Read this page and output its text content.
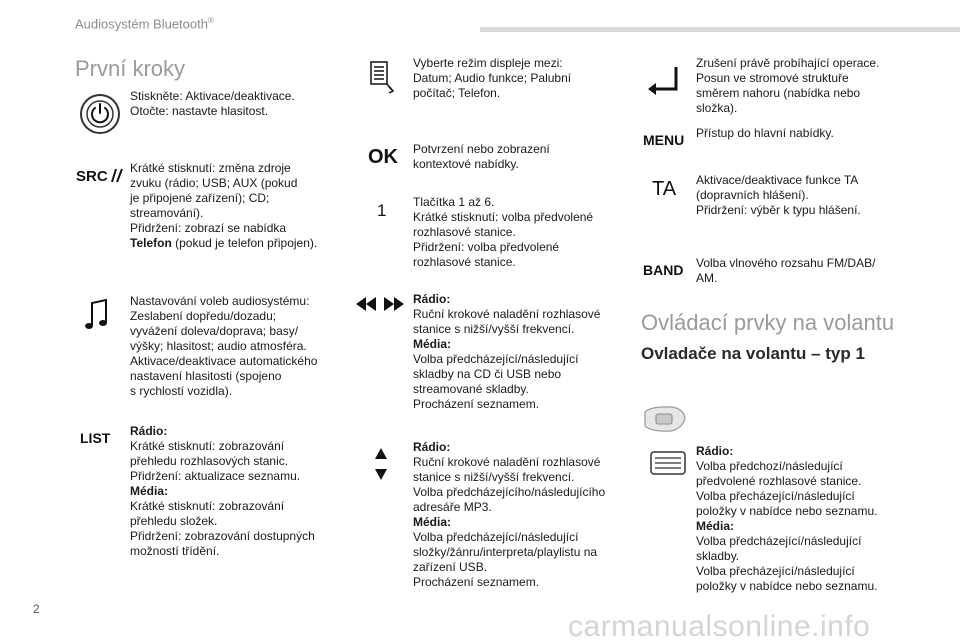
Audiosystém Bluetooth®
První kroky
Stiskněte: Aktivace/deaktivace.
Otočte: nastavte hlasitost.
SRC Krátké stisknutí: změna zdroje
zvuku (rádio; USB; AUX (pokud
je připojené zařízení); CD;
streamování).
Přidržení: zobrazí se nabídka
Telefon (pokud je telefon připojen).
Nastavování voleb audiosystému:
Zeslabení dopředu/dozadu;
vyvážení doleva/doprava; basy/
výšky; hlasitost; audio atmosféra.
Aktivace/deaktivace automatického
nastavení hlasitosti (spojeno
s rychlostí vozidla).
LIST Rádio:
Krátké stisknutí: zobrazování
přehledu rozhlasových stanic.
Přidržení: aktualizace seznamu.
Média:
Krátké stisknutí: zobrazování
přehledu složek.
Přidržení: zobrazování dostupných
možností třídění.
Vyberte režim displeje mezi:
Datum; Audio funkce; Palubní
počítač; Telefon.
OK Potvrzení nebo zobrazení
kontextové nabídky.
1 Tlačítka 1 až 6.
Krátké stisknutí: volba předvolené
rozhlasové stanice.
Přidržení: volba předvolené
rozhlasové stanice.
Rádio:
Ruční krokové naladění rozhlasové
stanice s nižší/vyšší frekvencí.
Média:
Volba předcházející/následující
skladby na CD či USB nebo
streamované skladby.
Procházení seznamem.
Rádio:
Ruční krokové naladění rozhlasové
stanice s nižší/vyšší frekvencí.
Volba předcházejícího/následujícího
adresáře MP3.
Média:
Volba předcházející/následující
složky/žánru/interpreta/playlistu na
zařízení USB.
Procházení seznamem.
Zrušení právě probíhající operace.
Posun ve stromové struktuře
směrem nahoru (nabídka nebo
složka).
MENU Přístup do hlavní nabídky.
TA Aktivace/deaktivace funkce TA
(dopravních hlášení).
Přidržení: výběr k typu hlášení.
BAND Volba vlnového rozsahu FM/DAB/
AM.
Ovládací prvky na volantu
Ovladače na volantu – typ 1
Rádio:
Volba předchozí/následující
předvolené rozhlasové stanice.
Volba přecházející/následující
položky v nabídce nebo seznamu.
Média:
Volba předcházející/následující
skladby.
Volba přecházející/následující
položky v nabídce nebo seznamu.
2
carmanualsonline.info
